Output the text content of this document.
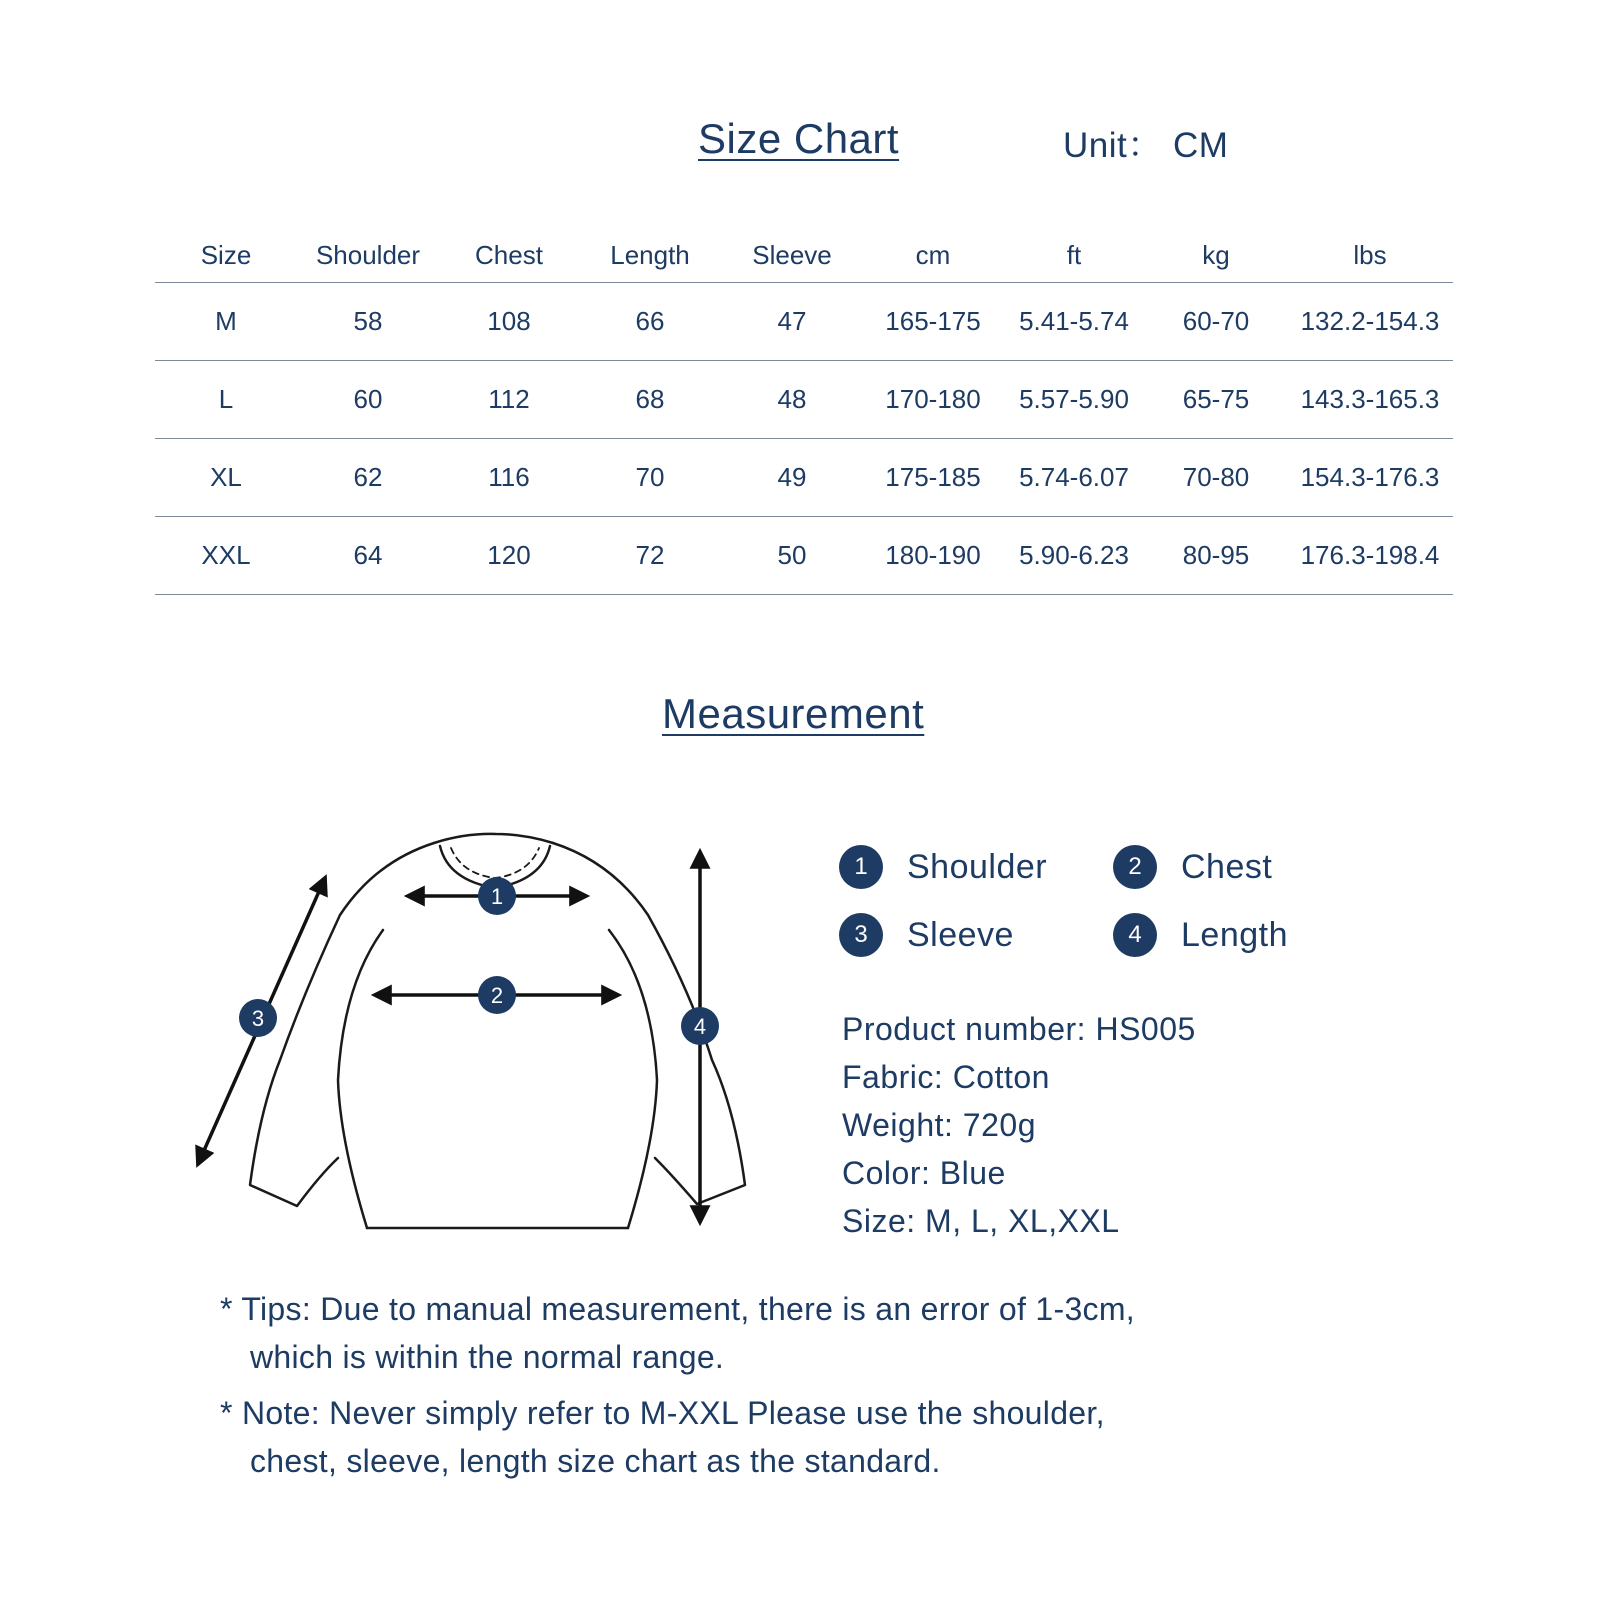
Size Chart	Unit： CM
Size	Shoulder	Chest	Length	Sleeve	cm	ft	kg	lbs
M	58	108	66	47	165-175	5.41-5.74	60-70	132.2-154.3
L	60	112	68	48	170-180	5.57-5.90	65-75	143.3-165.3
XL	62	116	70	49	175-185	5.74-6.07	70-80	154.3-176.3
XXL	64	120	72	50	180-190	5.90-6.23	80-95	176.3-198.4
Measurement
1
2
3	4
1	Shoulder	2	Chest
3	Sleeve	4	Length
Product number: HS005
Fabric: Cotton
Weight: 720g
Color: Blue
Size: M, L, XL,XXL

* Tips: Due to manual measurement, there is an error of 1-3cm,

which is within the normal range.

* Note: Never simply refer to M-XXL Please use the shoulder,

chest, sleeve, length size chart as the standard.
